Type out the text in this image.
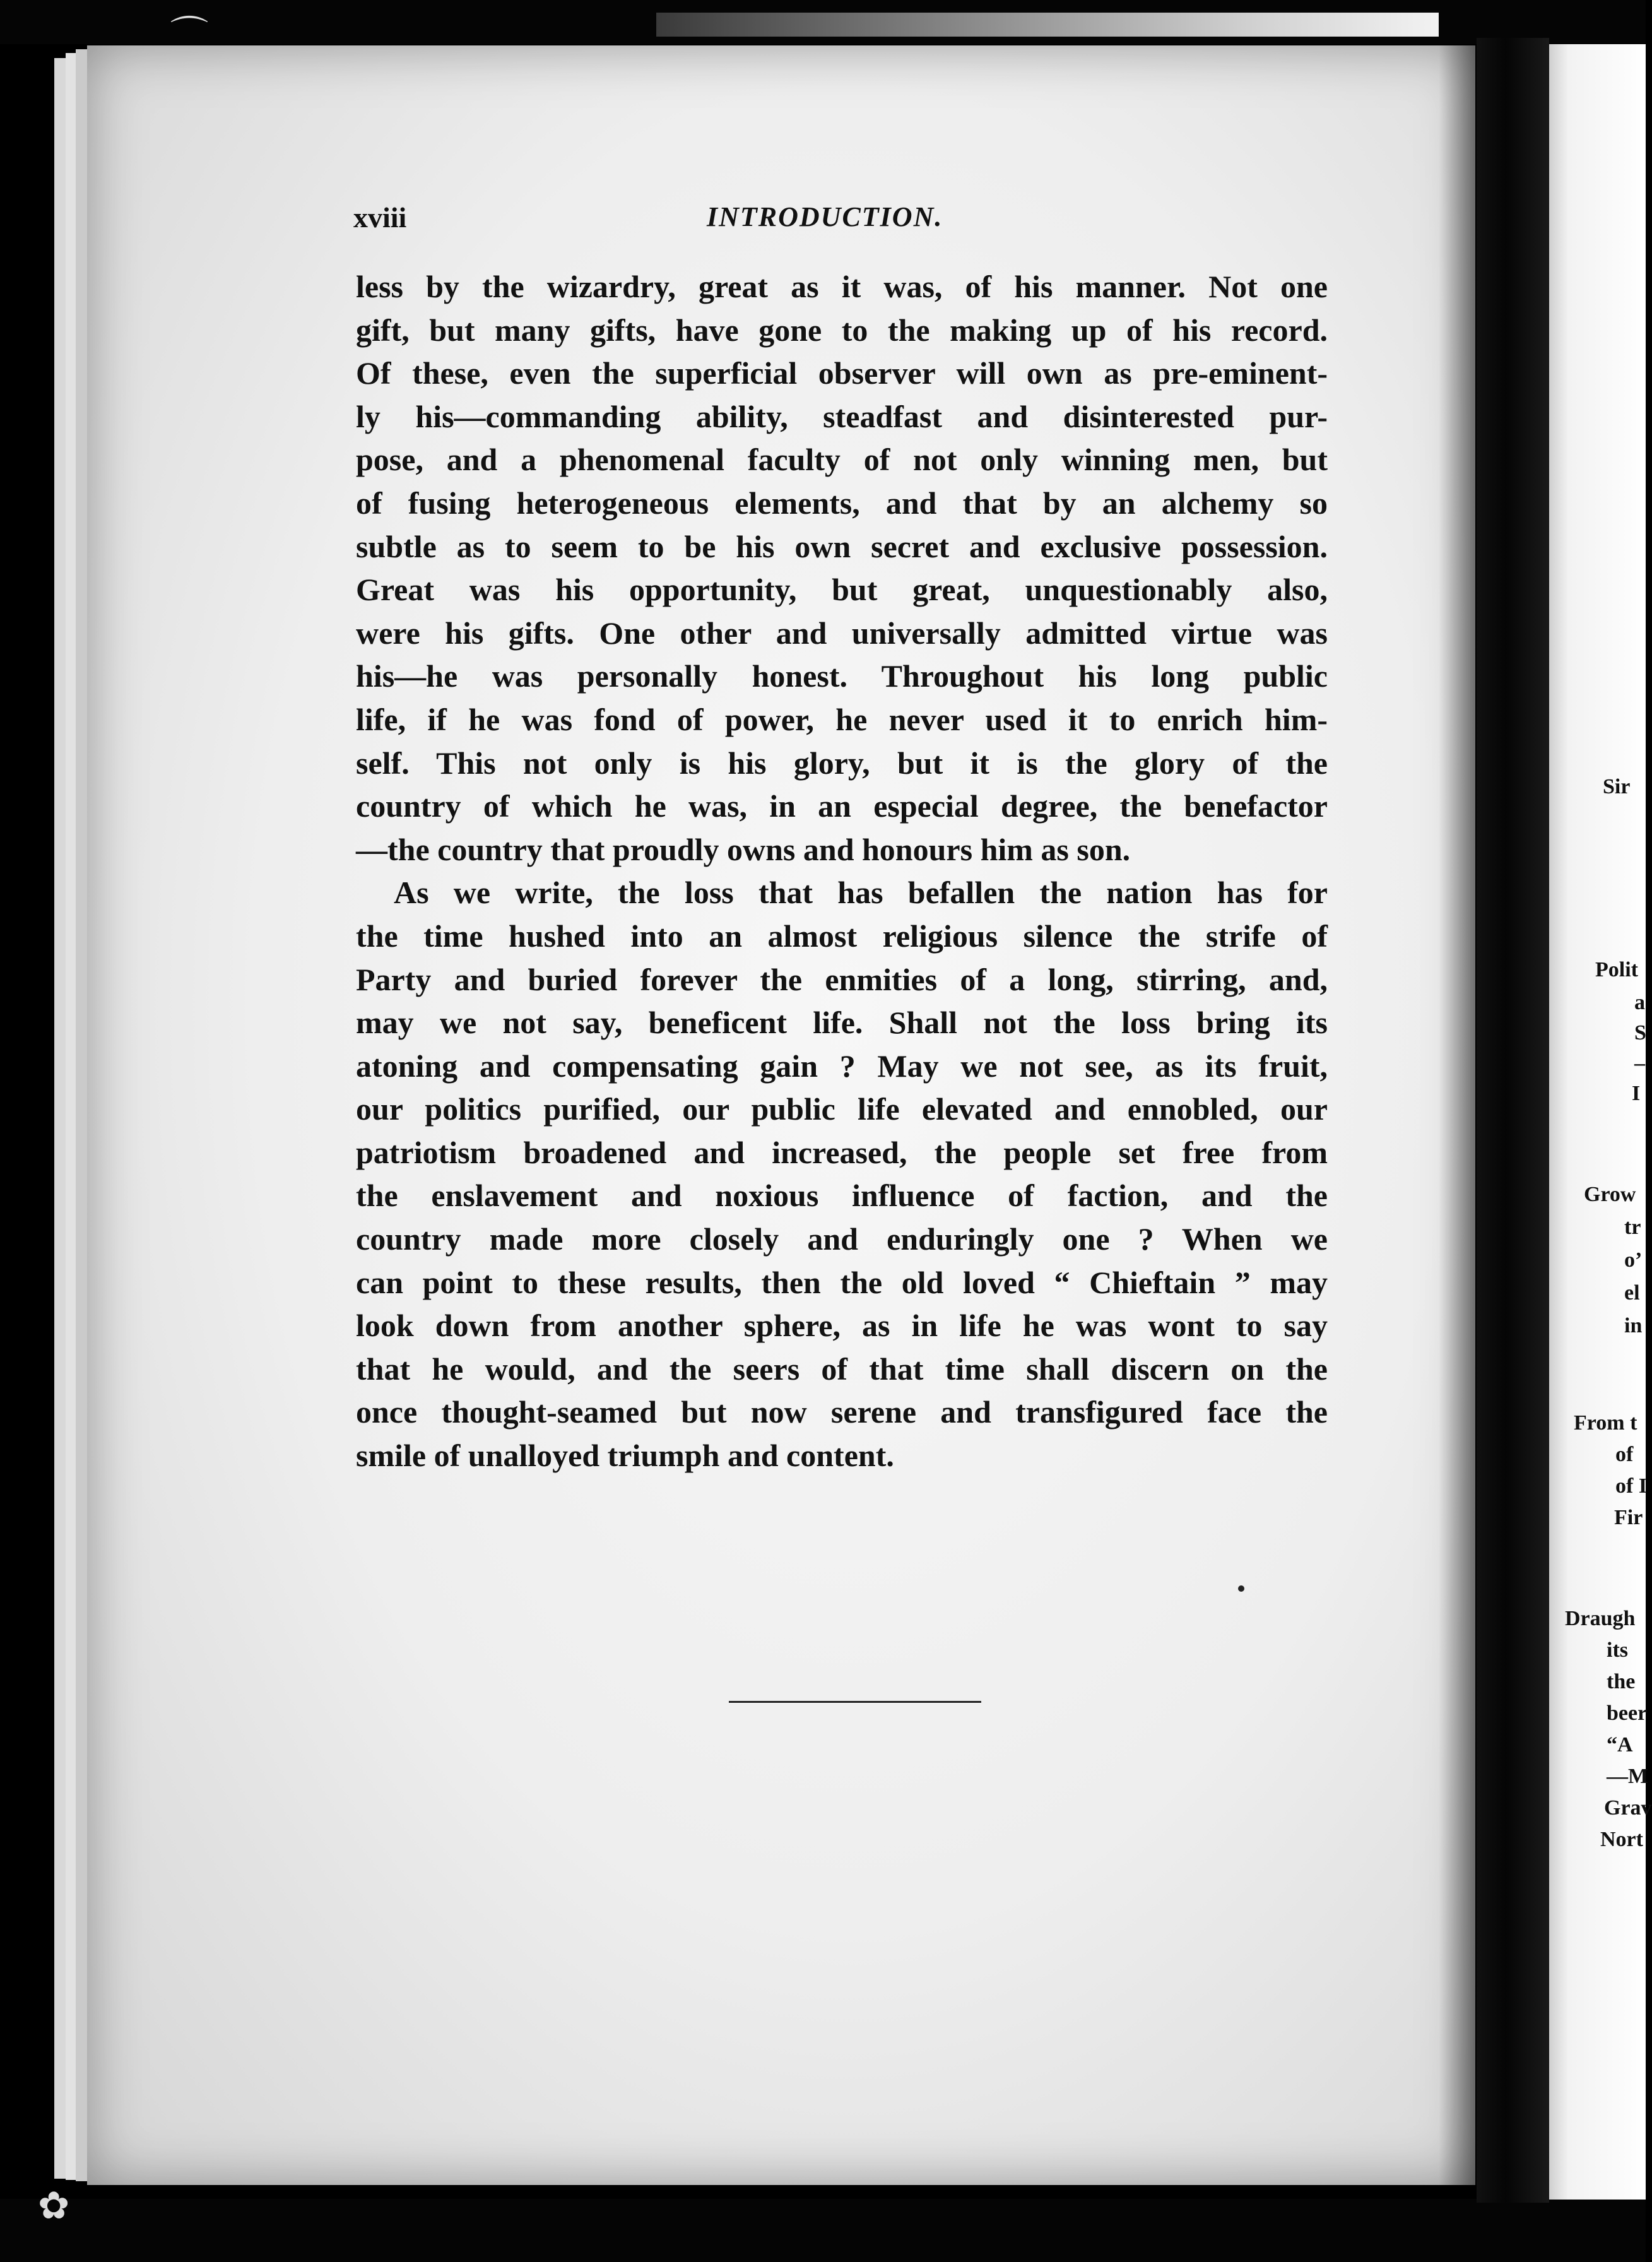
xviii	INTRODUCTION.
less by the wizardry, great as it was, of his manner. Not one
gift, but many gifts, have gone to the making up of his record.
Of these, even the superficial observer will own as pre-eminent-
ly his—commanding ability, steadfast and disinterested pur-
pose, and a phenomenal faculty of not only winning men, but
of fusing heterogeneous elements, and that by an alchemy so
subtle as to seem to be his own secret and exclusive possession.
Great was his opportunity, but great, unquestionably also,
were his gifts. One other and universally admitted virtue was
his—he was personally honest. Throughout his long public
life, if he was fond of power, he never used it to enrich him-
self. This not only is his glory, but it is the glory of the
country of which he was, in an especial degree, the benefactor
—the country that proudly owns and honours him as son.
As we write, the loss that has befallen the nation has for
the time hushed into an almost religious silence the strife of
Party and buried forever the enmities of a long, stirring, and,
may we not say, beneficent life. Shall not the loss bring its
atoning and compensating gain ? May we not see, as its fruit,
our politics purified, our public life elevated and ennobled, our
patriotism broadened and increased, the people set free from
the enslavement and noxious influence of faction, and the
country made more closely and enduringly one ? When we
can point to these results, then the old loved “ Chieftain ” may
look down from another sphere, as in life he was wont to say
that he would, and the seers of that time shall discern on the
once thought-seamed but now serene and transfigured face the
smile of unalloyed triumph and content.
Sir
Polit
a
S
–
I
Grow
tr
o’
el
in
From t
of
of I
Fir
Draugh
its
the
beer
“A
—M
Grav
Nort
⌒
✿
